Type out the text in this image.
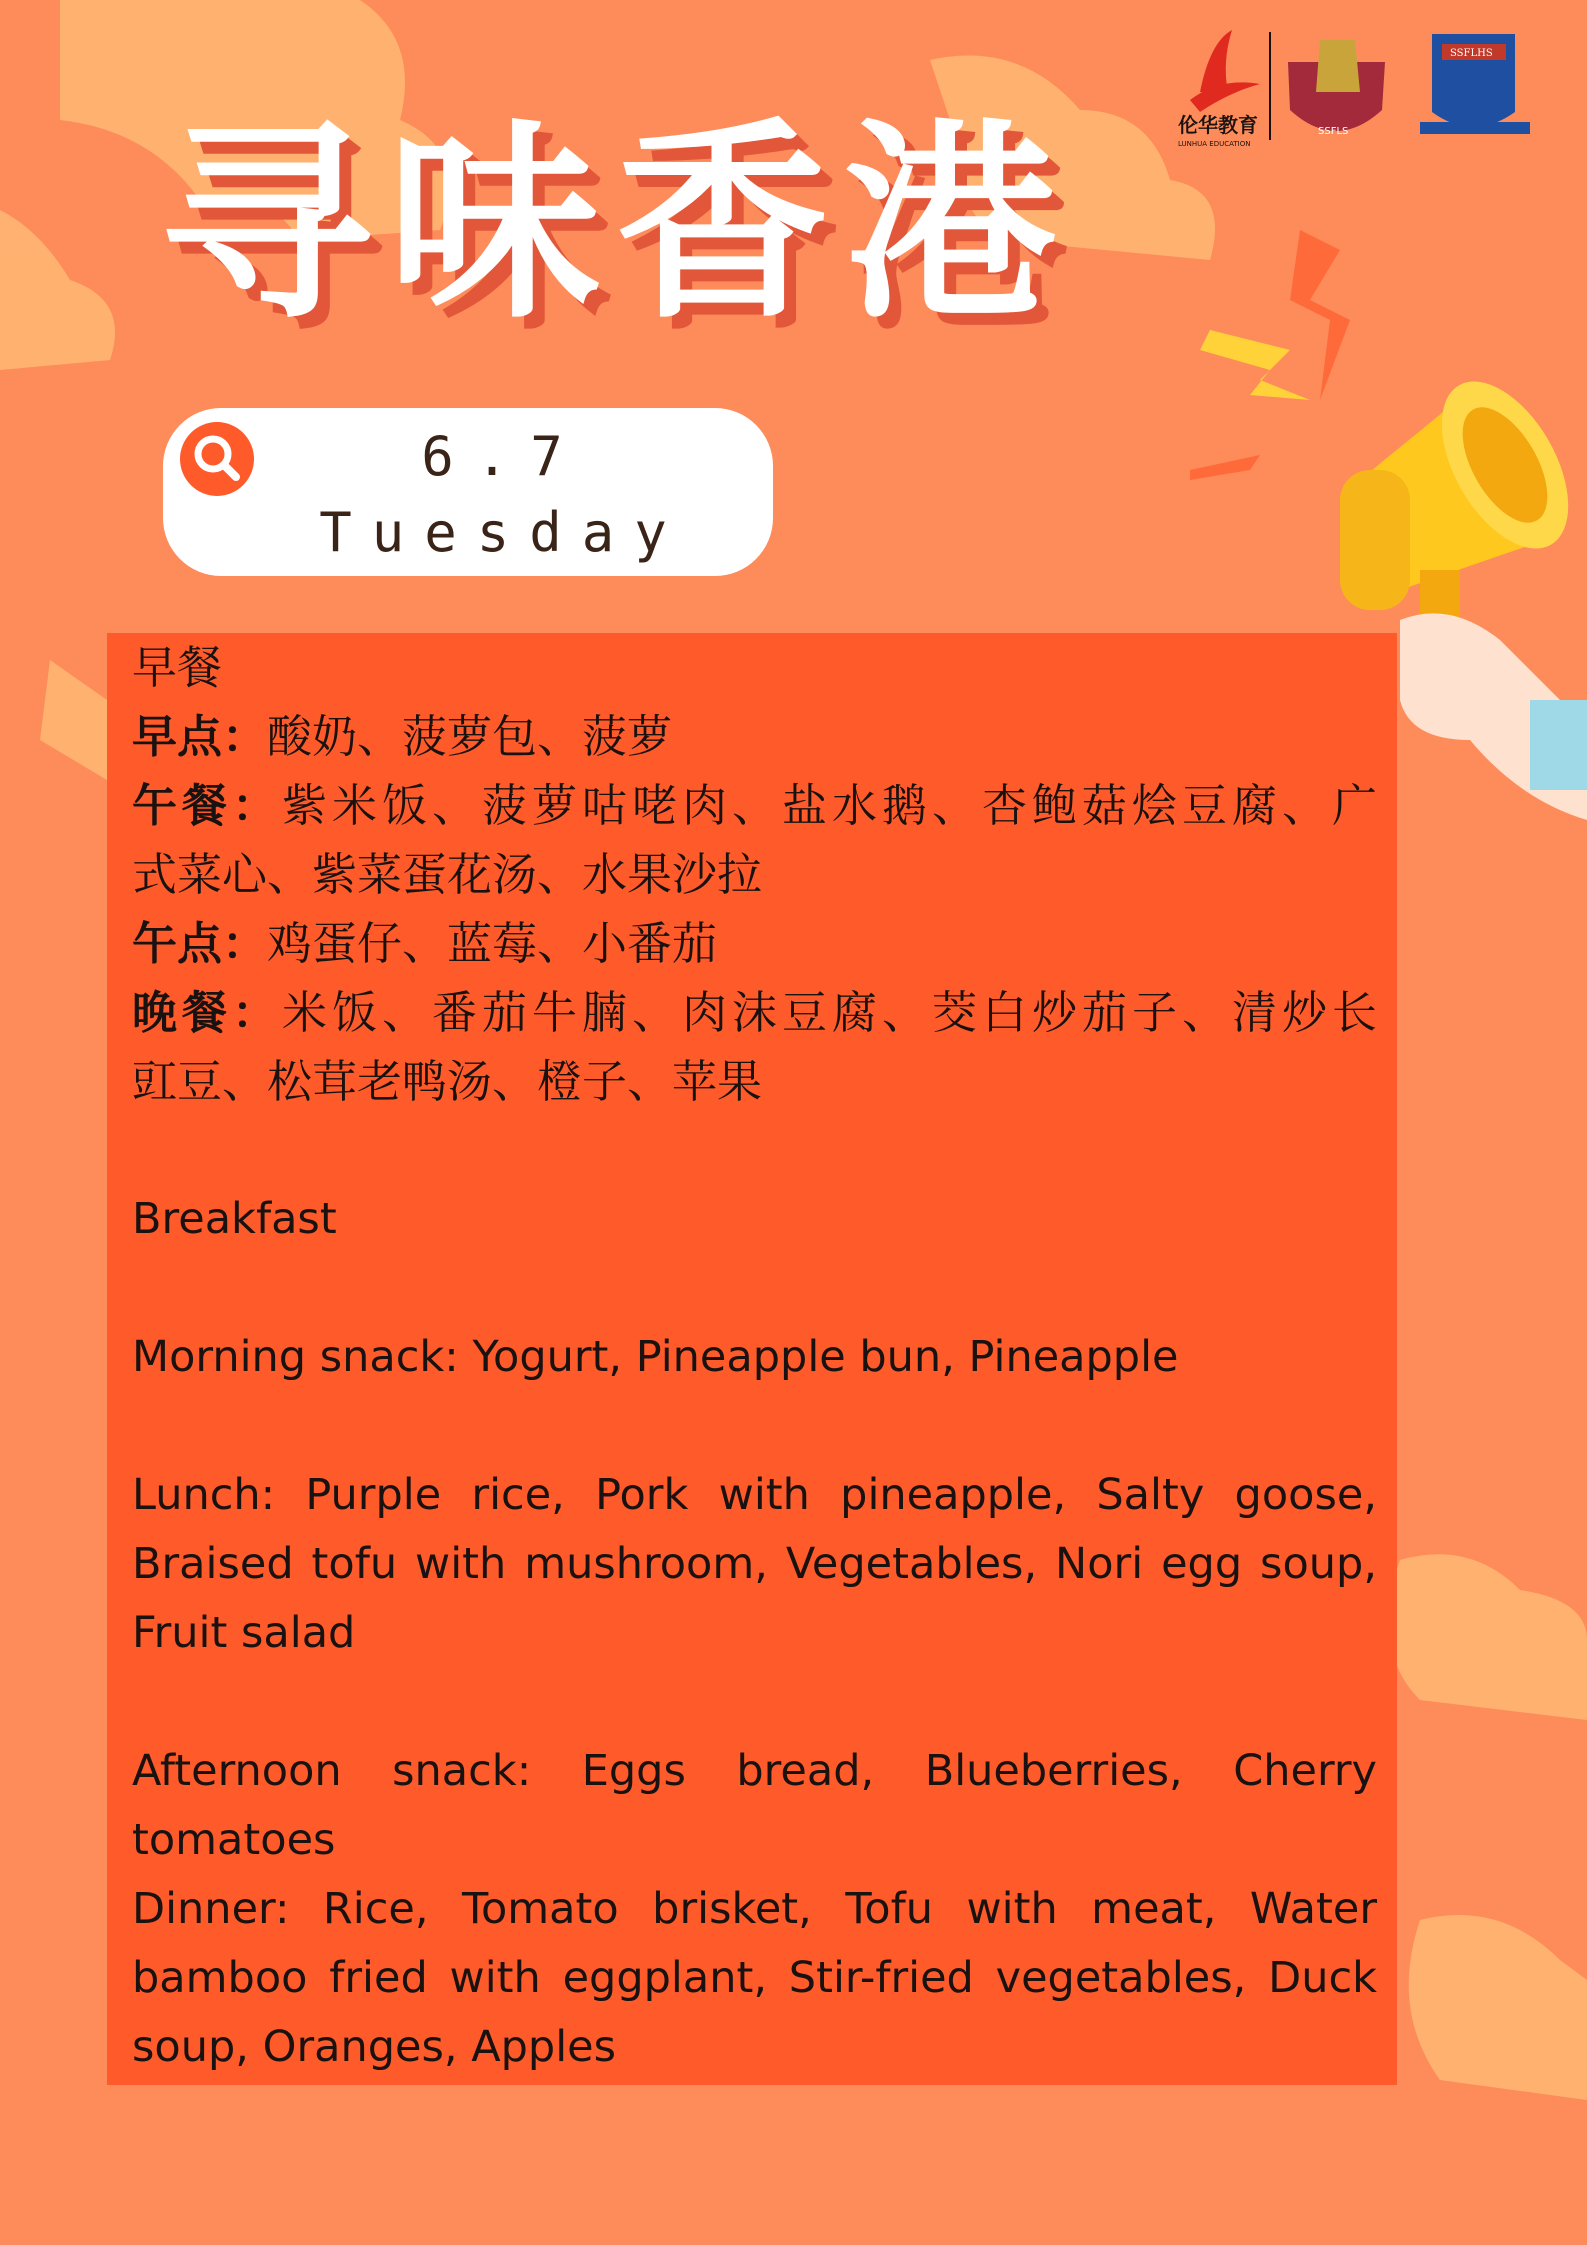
伦华教育
LUNHUA EDUCATION
SSFLS
SSFLHS
寻味香港
6.7
Tuesday

早餐

早点：酸奶、菠萝包、菠萝

午餐：紫米饭、菠萝咕咾肉、盐水鹅、杏鲍菇烩豆腐、广

式菜心、紫菜蛋花汤、水果沙拉

午点：鸡蛋仔、蓝莓、小番茄

晚餐：米饭、番茄牛腩、肉沫豆腐、茭白炒茄子、清炒长

豇豆、松茸老鸭汤、橙子、苹果

Breakfast

Morning snack: Yogurt, Pineapple bun, Pineapple

Lunch: Purple rice, Pork with pineapple, Salty goose,

Braised tofu with mushroom, Vegetables, Nori egg soup,

Fruit salad

Afternoon snack: Eggs bread, Blueberries, Cherry

tomatoes

Dinner: Rice, Tomato brisket, Tofu with meat, Water

bamboo fried with eggplant, Stir-fried vegetables, Duck

soup, Oranges, Apples
